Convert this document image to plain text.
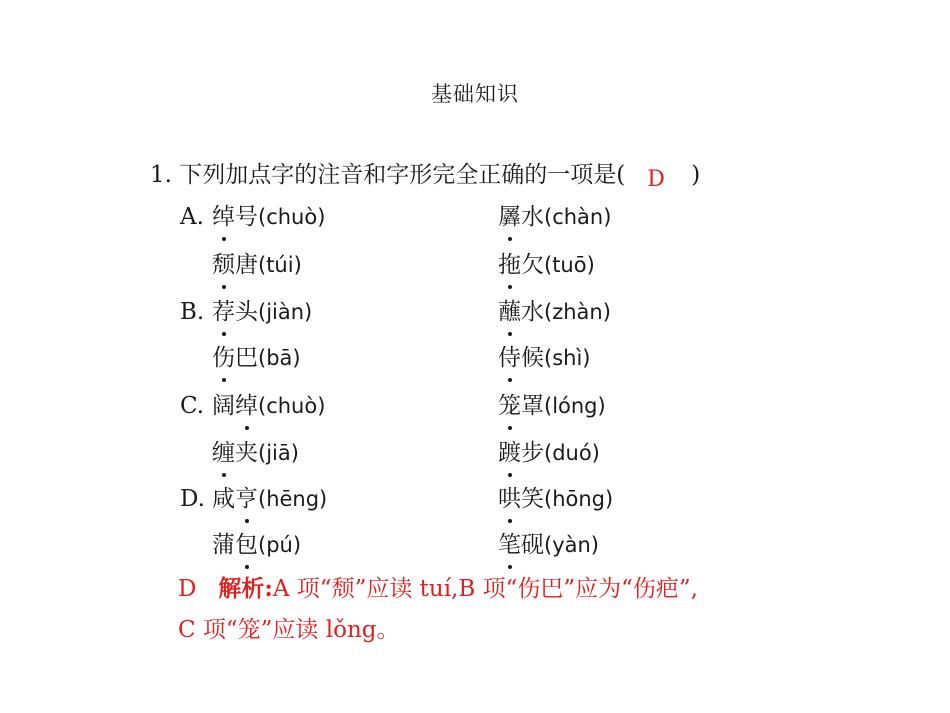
基础知识
1. 下列加点字的注音和字形完全正确的一项是( D )
A. 绰号(chuò)	羼水(chàn)
颓唐(túi)	拖欠(tuō)
B. 荐头(jiàn)	蘸水(zhàn)
伤巴(bā)	侍候(shì)
C. 阔绰(chuò)	笼罩(lóng)
缠夹(jiā)	踱步(duó)
D. 咸亨(hēng)	哄笑(hōng)
蒲包(pú)	笔砚(yàn)
D 解析:A 项“颓”应读 tuí,B 项“伤巴”应为“伤疤”,
C 项“笼”应读 lǒng。
